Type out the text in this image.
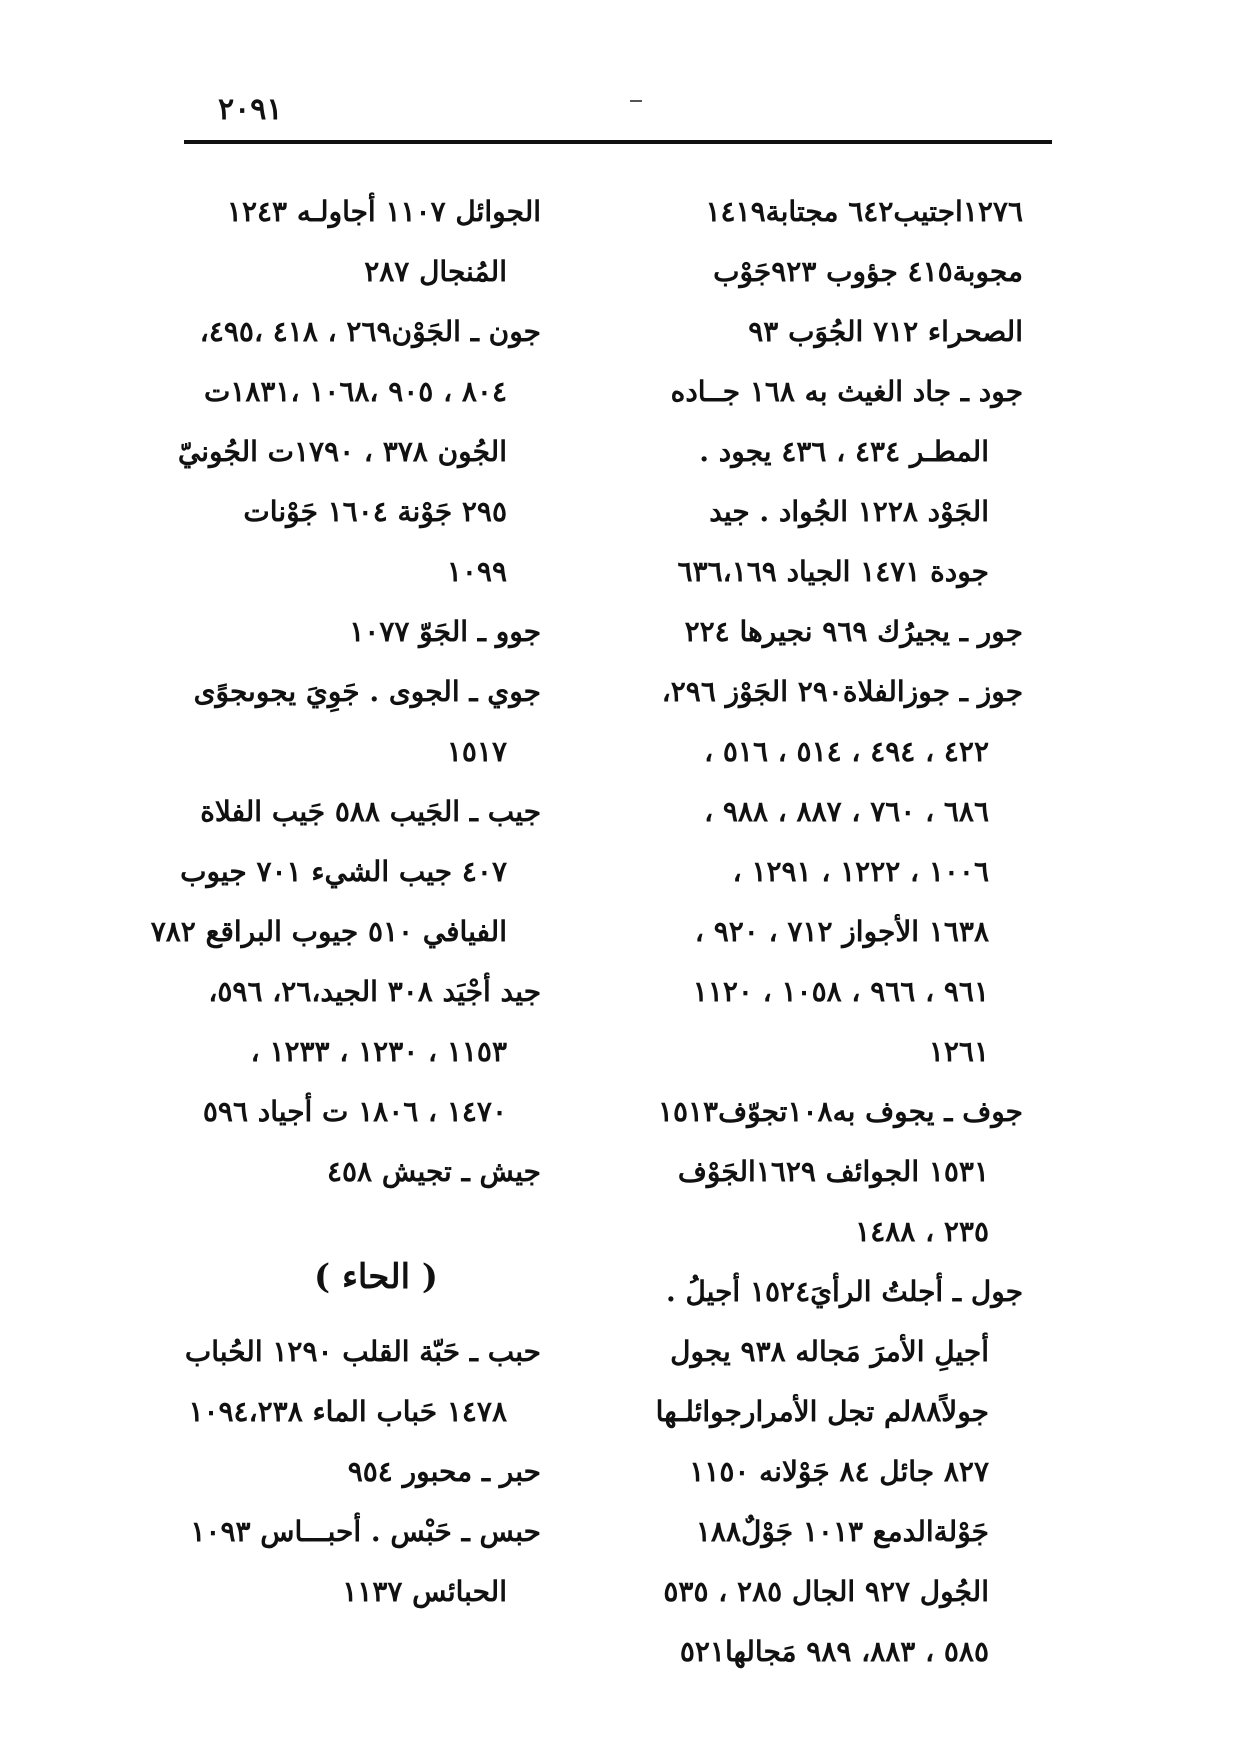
٢٠٩١
١٢٧٦اجتيب٦٤٢ مجتابة١٤١٩
مجوبة٤١٥ جؤوب ٩٢٣جَوْب
الصحراء ٧١٢ الجُوَب ٩٣
جود ـ جاد الغيث به ١٦٨ جــاده
المطـر ٤٣٤ ، ٤٣٦ يجود .
الجَوْد ١٢٢٨ الجُواد . جيد
جودة ١٤٧١ الجياد ٦٣٦،١٦٩
جور ـ يجيرُك ٩٦٩ نجيرها ٢٢٤
جوز ـ جوزالفلاة٢٩٠ الجَوْز ٢٩٦،
٤٢٢ ، ٤٩٤ ، ٥١٤ ، ٥١٦ ،
٦٨٦ ، ٧٦٠ ، ٨٨٧ ، ٩٨٨ ،
١٠٠٦ ، ١٢٢٢ ، ١٢٩١ ،
١٦٣٨ الأجواز ٧١٢ ، ٩٢٠ ،
٩٦١ ، ٩٦٦ ، ١٠٥٨ ، ١١٢٠
١٢٦١
جوف ـ يجوف به١٠٨تجوّف١٥١٣
١٥٣١ الجوائف ١٦٢٩الجَوْف
٢٣٥ ، ١٤٨٨
جول ـ أجلتُ الرأيَ١٥٢٤ أجيلُ .
أجيلِ الأمرَ مَجاله ٩٣٨ يجول
جولاً٨٨لم تجل الأمرارجوائلـها
٨٢٧ جائل ٨٤ جَوْلانه ١١٥٠
جَوْلةالدمع ١٠١٣ جَوْلٌ١٨٨
الجُول ٩٢٧ الجال ٢٨٥ ، ٥٣٥
٥٨٥ ، ٨٨٣، ٩٨٩ مَجالها٥٢١
الجوائل ١١٠٧ أجاولـه ١٢٤٣
المُنجال ٢٨٧
جون ـ الجَوْن٢٦٩ ، ٤١٨ ،٤٩٥،
٨٠٤ ، ٩٠٥ ،١٠٦٨ ،١٨٣١ت
الجُون ٣٧٨ ، ١٧٩٠ت الجُونيّ
٢٩٥ جَوْنة ١٦٠٤ جَوْنات
١٠٩٩
جوو ـ الجَوّ ١٠٧٧
جوي ـ الجوى . جَوِيَ يجوىجوًى
١٥١٧
جيب ـ الجَيب ٥٨٨ جَيب الفلاة
٤٠٧ جيب الشيء ٧٠١ جيوب
الفيافي ٥١٠ جيوب البراقع ٧٨٢
جيد أجْيَد ٣٠٨ الجيد،٢٦، ٥٩٦،
١١٥٣ ، ١٢٣٠ ، ١٢٣٣ ،
١٤٧٠ ، ١٨٠٦ ت أجياد ٥٩٦
جيش ـ تجيش ٤٥٨
( الحاء )
حبب ـ حَبّة القلب ١٢٩٠ الحُباب
١٤٧٨ حَباب الماء ١٠٩٤،٢٣٨
حبر ـ محبور ٩٥٤
حبس ـ حَبْس . أحبـــاس ١٠٩٣
الحبائس ١١٣٧
